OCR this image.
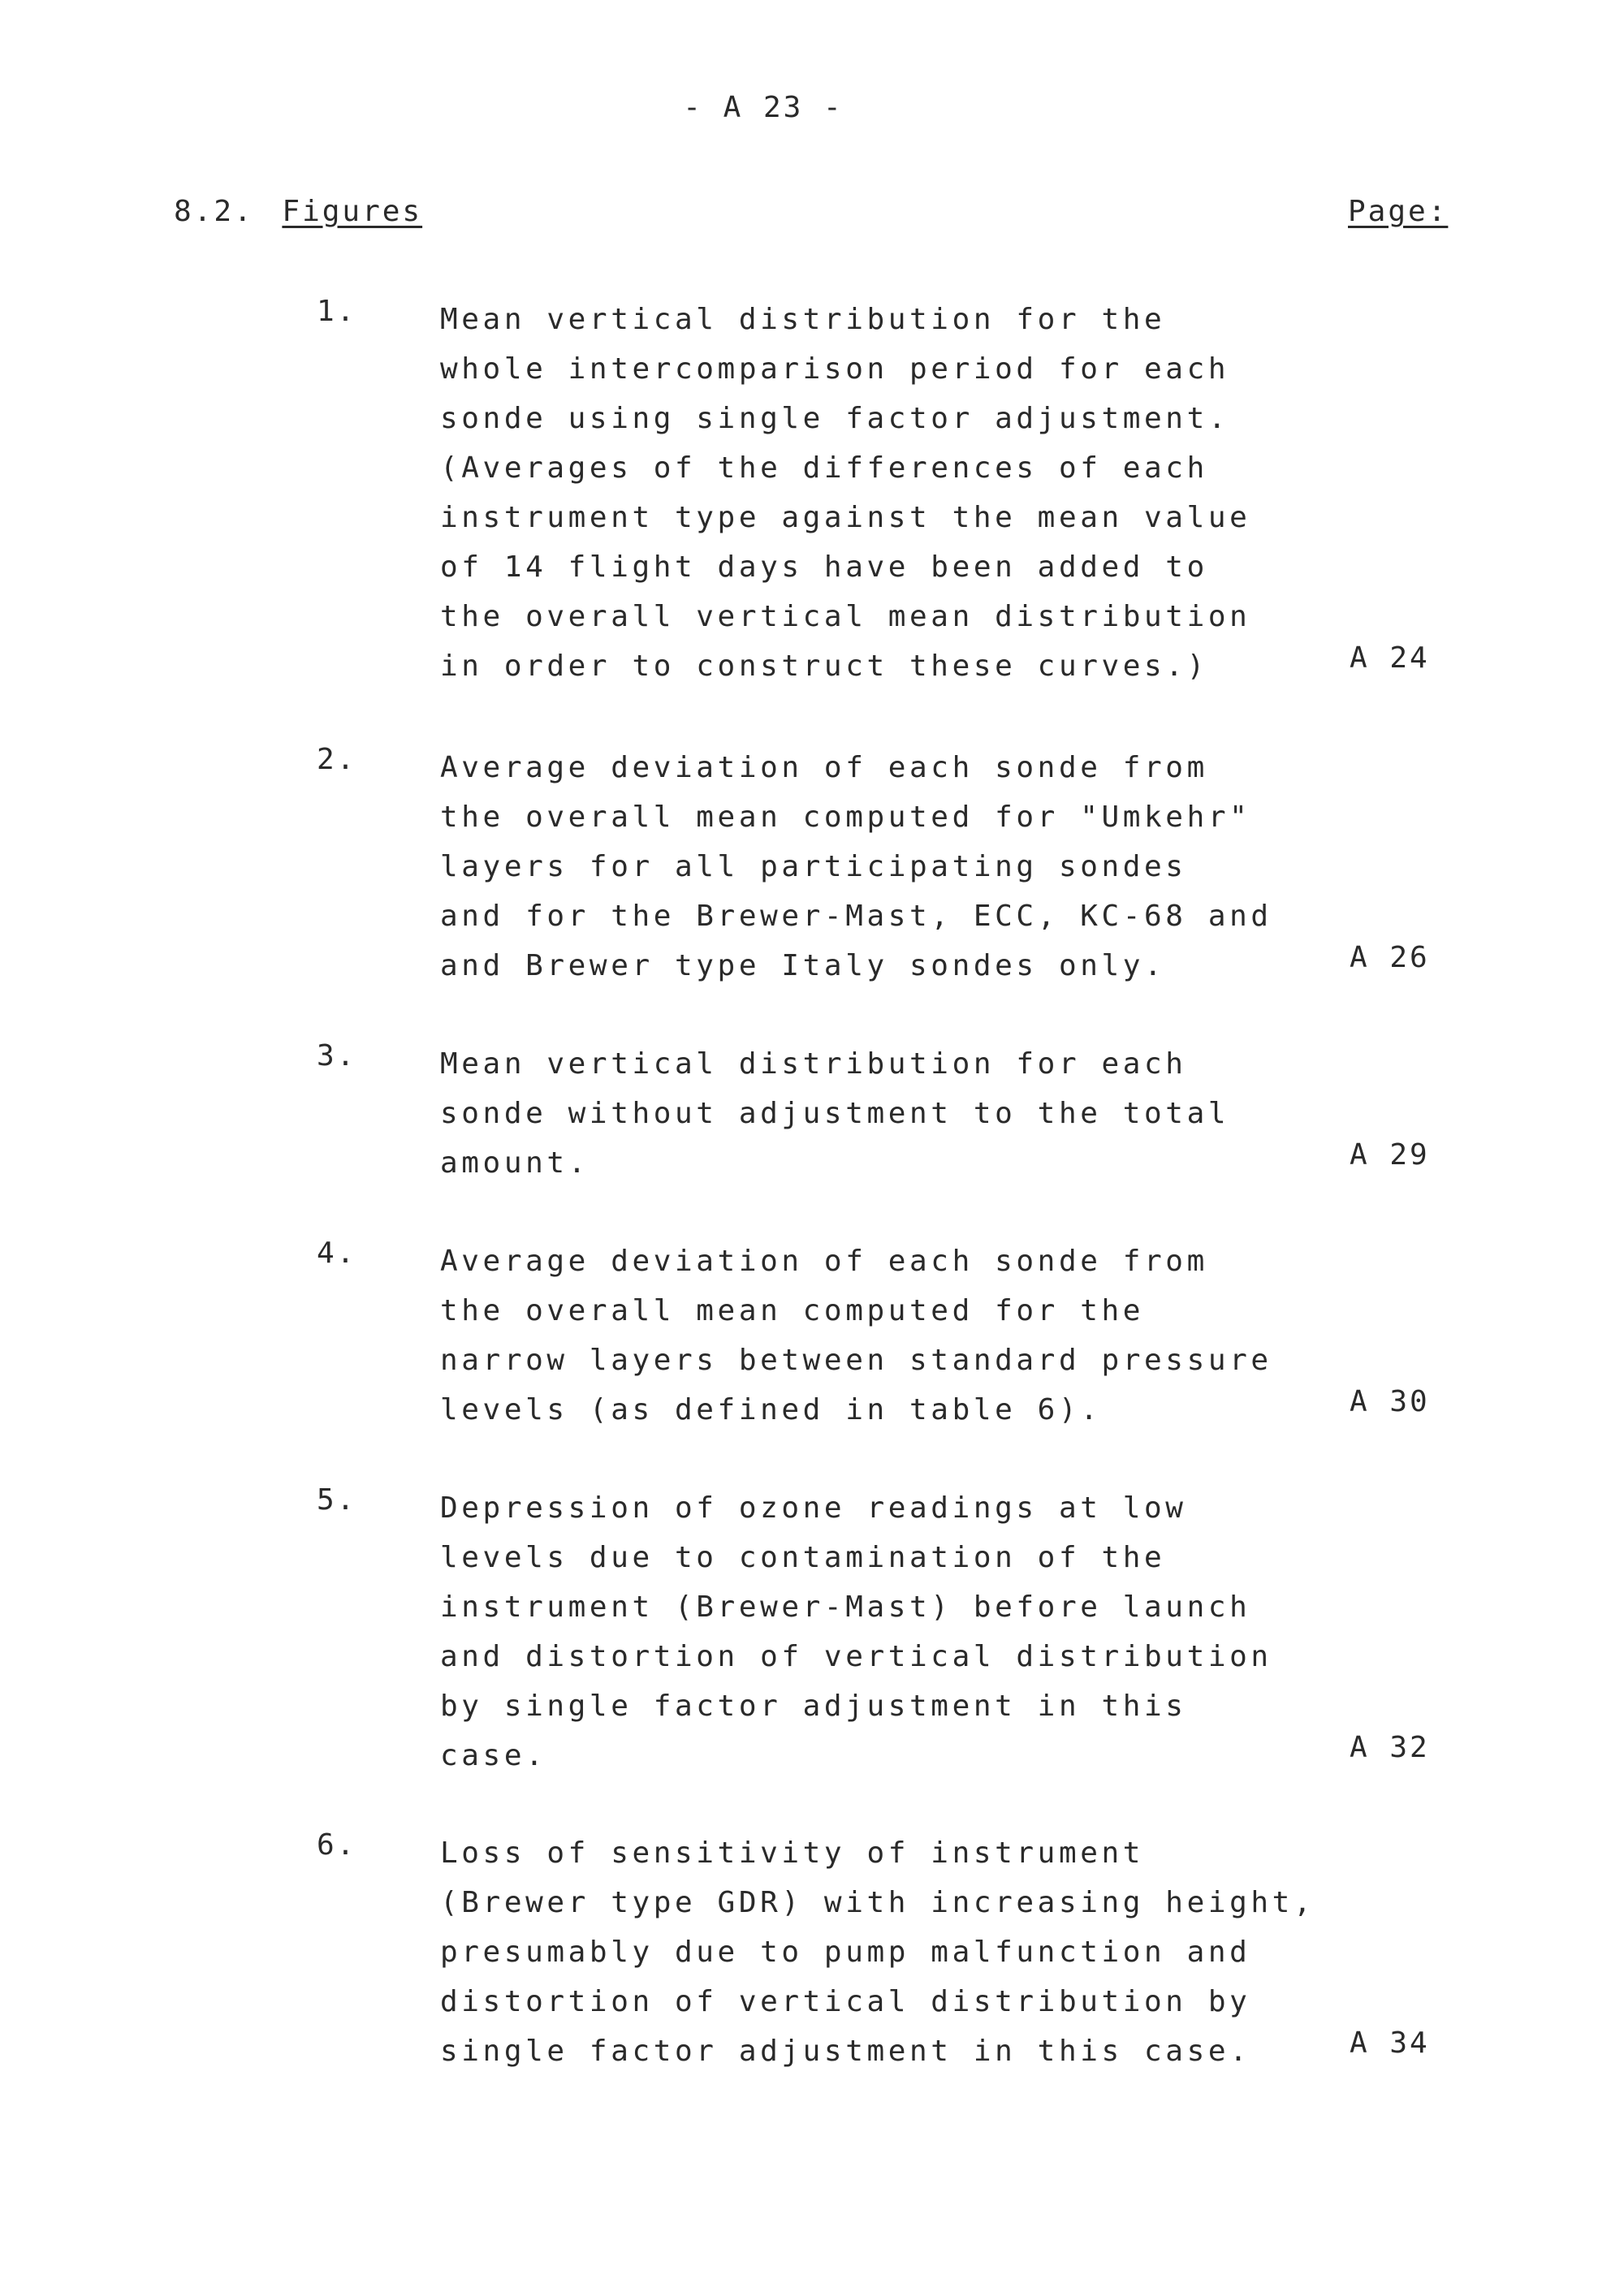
- A 23 -
8.2. Figures	Page:
1.	Mean vertical distribution for the
whole intercomparison period for each
sonde using single factor adjustment.
(Averages of the differences of each
instrument type against the mean value
of 14 flight days have been added to
the overall vertical mean distribution
in order to construct these curves.)	A 24
2.	Average deviation of each sonde from
the overall mean computed for "Umkehr"
layers for all participating sondes
and for the Brewer-Mast, ECC, KC-68 and
and Brewer type Italy sondes only.	A 26
3.	Mean vertical distribution for each
sonde without adjustment to the total
amount.	A 29
4.	Average deviation of each sonde from
the overall mean computed for the
narrow layers between standard pressure
levels (as defined in table 6).	A 30
5.	Depression of ozone readings at low
levels due to contamination of the
instrument (Brewer-Mast) before launch
and distortion of vertical distribution
by single factor adjustment in this
case.	A 32
6.	Loss of sensitivity of instrument
(Brewer type GDR) with increasing height,
presumably due to pump malfunction and
distortion of vertical distribution by
single factor adjustment in this case.	A 34
